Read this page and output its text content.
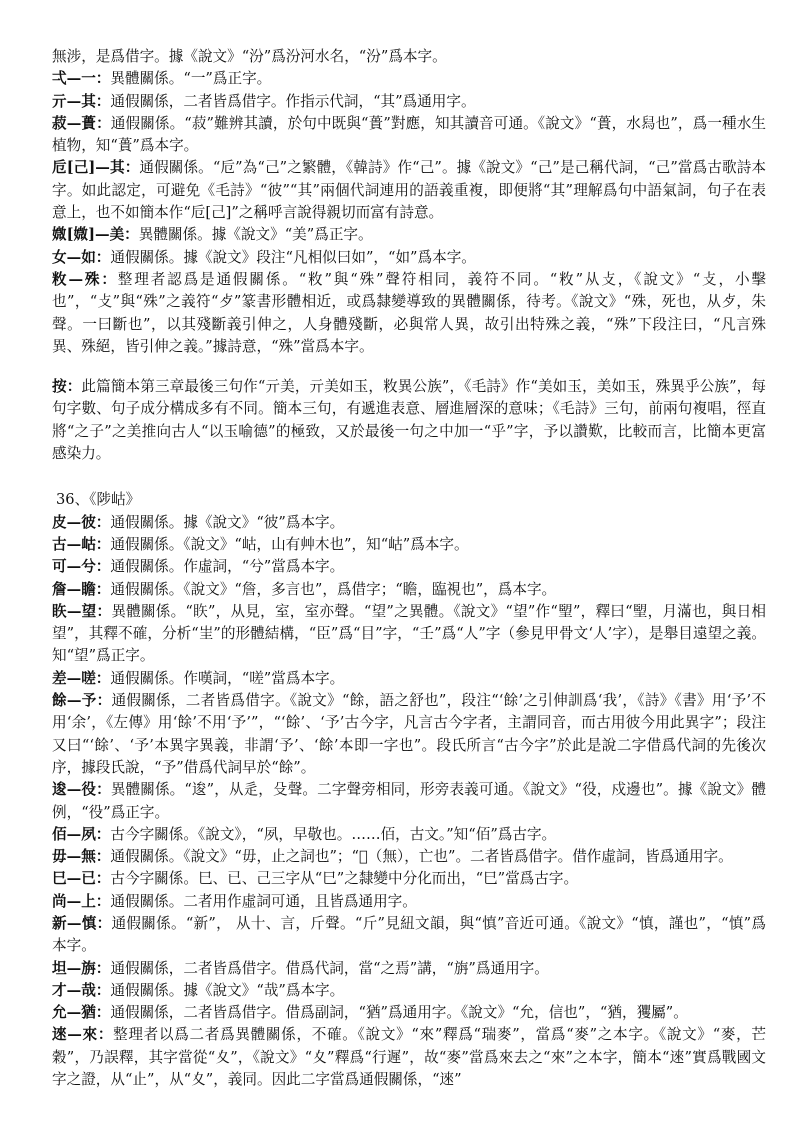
無涉，是爲借字。據《說文》“汾”爲汾河水名，“汾”爲本字。

弌—一：異體關係。“一”爲正字。

亓—其：通假關係，二者皆爲借字。作指示代詞，“其”爲通用字。

菽—蕢：通假關係。“菽”難辨其讀，於句中既與“蕢”對應，知其讀音可通。《說文》“蕢，水舄也”，爲一種水生植物，知“蕢”爲本字。

卮[己]—其：通假關係。“卮”為“己”之繁體，《韓詩》作“己”。據《說文》“己”是己稱代詞，“己”當爲古歌詩本字。如此認定，可避免《毛詩》“彼”“其”兩個代詞連用的語義重複，即便將“其”理解爲句中語氣詞，句子在表意上，也不如簡本作“卮[己]”之稱呼言說得親切而富有詩意。

媺[媺]—美：異體關係。據《說文》“美”爲正字。

女—如：通假關係。據《說文》段注“凡相似曰如”，“如”爲本字。

敉—殊：整理者認爲是通假關係。“敉”與“殊”聲符相同，義符不同。“敉”从攴，《說文》“攴，小擊也”，“攴”與“殊”之義符“歺”篆書形體相近，或爲隸變導致的異體關係，待考。《說文》“殊，死也，从歺，朱聲。一曰斷也”，以其殘斷義引伸之，人身體殘斷，必與常人異，故引出特殊之義，“殊”下段注曰，“凡言殊異、殊絕，皆引伸之義。”據詩意，“殊”當爲本字。

按：此篇簡本第三章最後三句作“亓美，亓美如玉，敉異公族”，《毛詩》作“美如玉，美如玉，殊異乎公族”，每句字數、句子成分構成多有不同。簡本三句，有遞進表意、層進層深的意味；《毛詩》三句，前兩句複唱，徑直將“之子”之美推向古人“以玉喻德”的極致，又於最後一句之中加一“乎”字，予以讚歎，比較而言，比簡本更富感染力。

36、《陟岵》

皮—彼：通假關係。據《說文》“彼”爲本字。

古—岵：通假關係。《說文》“岵，山有艸木也”，知“岵”爲本字。

可—兮：通假關係。作虛詞，“兮”當爲本字。

詹—瞻：通假關係。《說文》“詹，多言也”，爲借字；“瞻，臨視也”，爲本字。

䀢—望：異體關係。“䀢”，从見，室，室亦聲。“望”之異體。《說文》“望”作“朢”，釋曰“朢，月滿也，與日相望”，其釋不確，分析“㞷”的形體結構，“臣”爲“目”字，“壬”爲“人”字（參見甲骨文‘人’字），是舉目遠望之義。知“望”爲正字。

差—嗟：通假關係。作嘆詞，“嗟”當爲本字。

餘—予：通假關係，二者皆爲借字。《說文》“餘，語之舒也”，段注“‘餘’之引伸訓爲‘我’，《詩》《書》用‘予’不用‘余’，《左傳》用‘餘’不用‘予’”，“‘餘’、‘予’古今字，凡言古今字者，主謂同音，而古用彼今用此異字”；段注又曰“‘餘’、‘予’本異字異義，非謂‘予’、‘餘’本即一字也”。段氏所言“古今字”於此是說二字借爲代詞的先後次序，據段氏說，“予”借爲代詞早於“餘”。

逡—役：異體關係。“逡”，从辵，殳聲。二字聲旁相同，形旁表義可通。《說文》“役，戍邊也”。據《說文》體例，“役”爲正字。

佰—夙：古今字關係。《說文》，“夙，早敬也。……佰，古文。”知“佰”爲古字。

毋—無：通假關係。《說文》“毋，止之詞也”；“𣞤（無），亡也”。二者皆爲借字。借作虛詞，皆爲通用字。

巳—已：古今字關係。巳、已、己三字从“巳”之隸變中分化而出，“巳”當爲古字。

尚—上：通假關係。二者用作虛詞可通，且皆爲通用字。

新—慎：通假關係。“新”， 从十、言，斤聲。“斤”見紐文韻，與“慎”音近可通。《說文》“慎，謹也”，“慎”爲本字。

坦—旃：通假關係，二者皆爲借字。借爲代詞，當“之焉”講，“旃”爲通用字。

才—哉：通假關係。據《說文》“哉”爲本字。

允—猶：通假關係，二者皆爲借字。借爲副詞，“猶”爲通用字。《說文》“允，信也”，“猶，玃屬”。

逨—來：整理者以爲二者爲異體關係，不確。《說文》“來”釋爲“瑞麥”，當爲“麥”之本字。《說文》“麥，芒穀”，乃誤釋，其字當從“夊”，《說文》“夊”釋爲“行遲”，故“麥”當爲來去之“來”之本字，簡本“逨”實爲戰國文字之證，从“止”，从“夊”，義同。因此二字當爲通假關係，“逨”
